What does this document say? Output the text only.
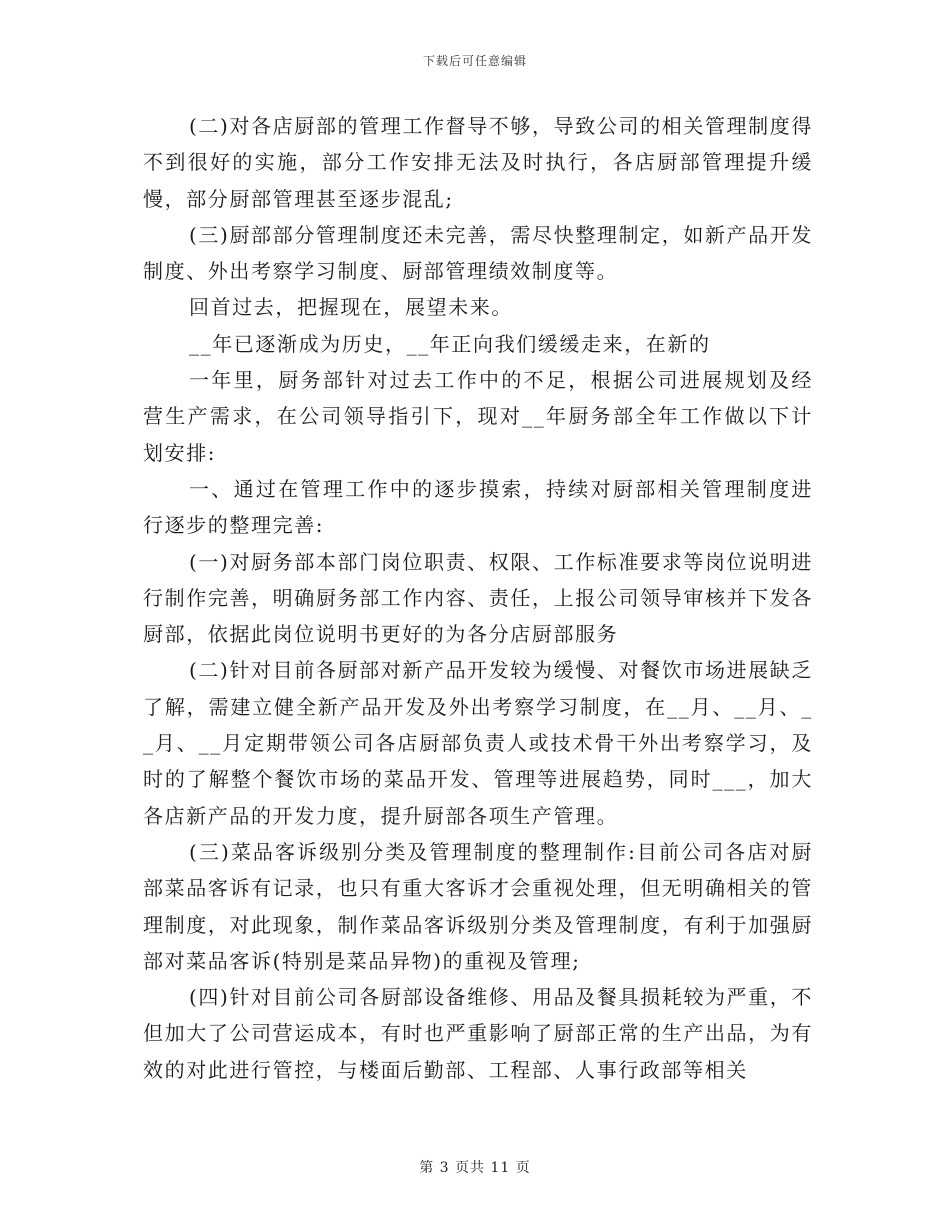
下载后可任意编辑

(二)对各店厨部的管理工作督导不够，导致公司的相关管理制度得不到很好的实施，部分工作安排无法及时执行，各店厨部管理提升缓慢，部分厨部管理甚至逐步混乱;

(三)厨部部分管理制度还未完善，需尽快整理制定，如新产品开发制度、外出考察学习制度、厨部管理绩效制度等。

回首过去，把握现在，展望未来。

__年已逐渐成为历史，__年正向我们缓缓走来，在新的

一年里，厨务部针对过去工作中的不足，根据公司进展规划及经营生产需求，在公司领导指引下，现对__年厨务部全年工作做以下计划安排:

一、通过在管理工作中的逐步摸索，持续对厨部相关管理制度进行逐步的整理完善:

(一)对厨务部本部门岗位职责、权限、工作标准要求等岗位说明进行制作完善，明确厨务部工作内容、责任，上报公司领导审核并下发各厨部，依据此岗位说明书更好的为各分店厨部服务

(二)针对目前各厨部对新产品开发较为缓慢、对餐饮市场进展缺乏了解，需建立健全新产品开发及外出考察学习制度，在__月、__月、__月、__月定期带领公司各店厨部负责人或技术骨干外出考察学习，及时的了解整个餐饮市场的菜品开发、管理等进展趋势，同时___，加大各店新产品的开发力度，提升厨部各项生产管理。

(三)菜品客诉级别分类及管理制度的整理制作:目前公司各店对厨部菜品客诉有记录，也只有重大客诉才会重视处理，但无明确相关的管理制度，对此现象，制作菜品客诉级别分类及管理制度，有利于加强厨部对菜品客诉(特别是菜品异物)的重视及管理;

(四)针对目前公司各厨部设备维修、用品及餐具损耗较为严重，不但加大了公司营运成本，有时也严重影响了厨部正常的生产出品，为有效的对此进行管控，与楼面后勤部、工程部、人事行政部等相关

第 3 页共 11 页
